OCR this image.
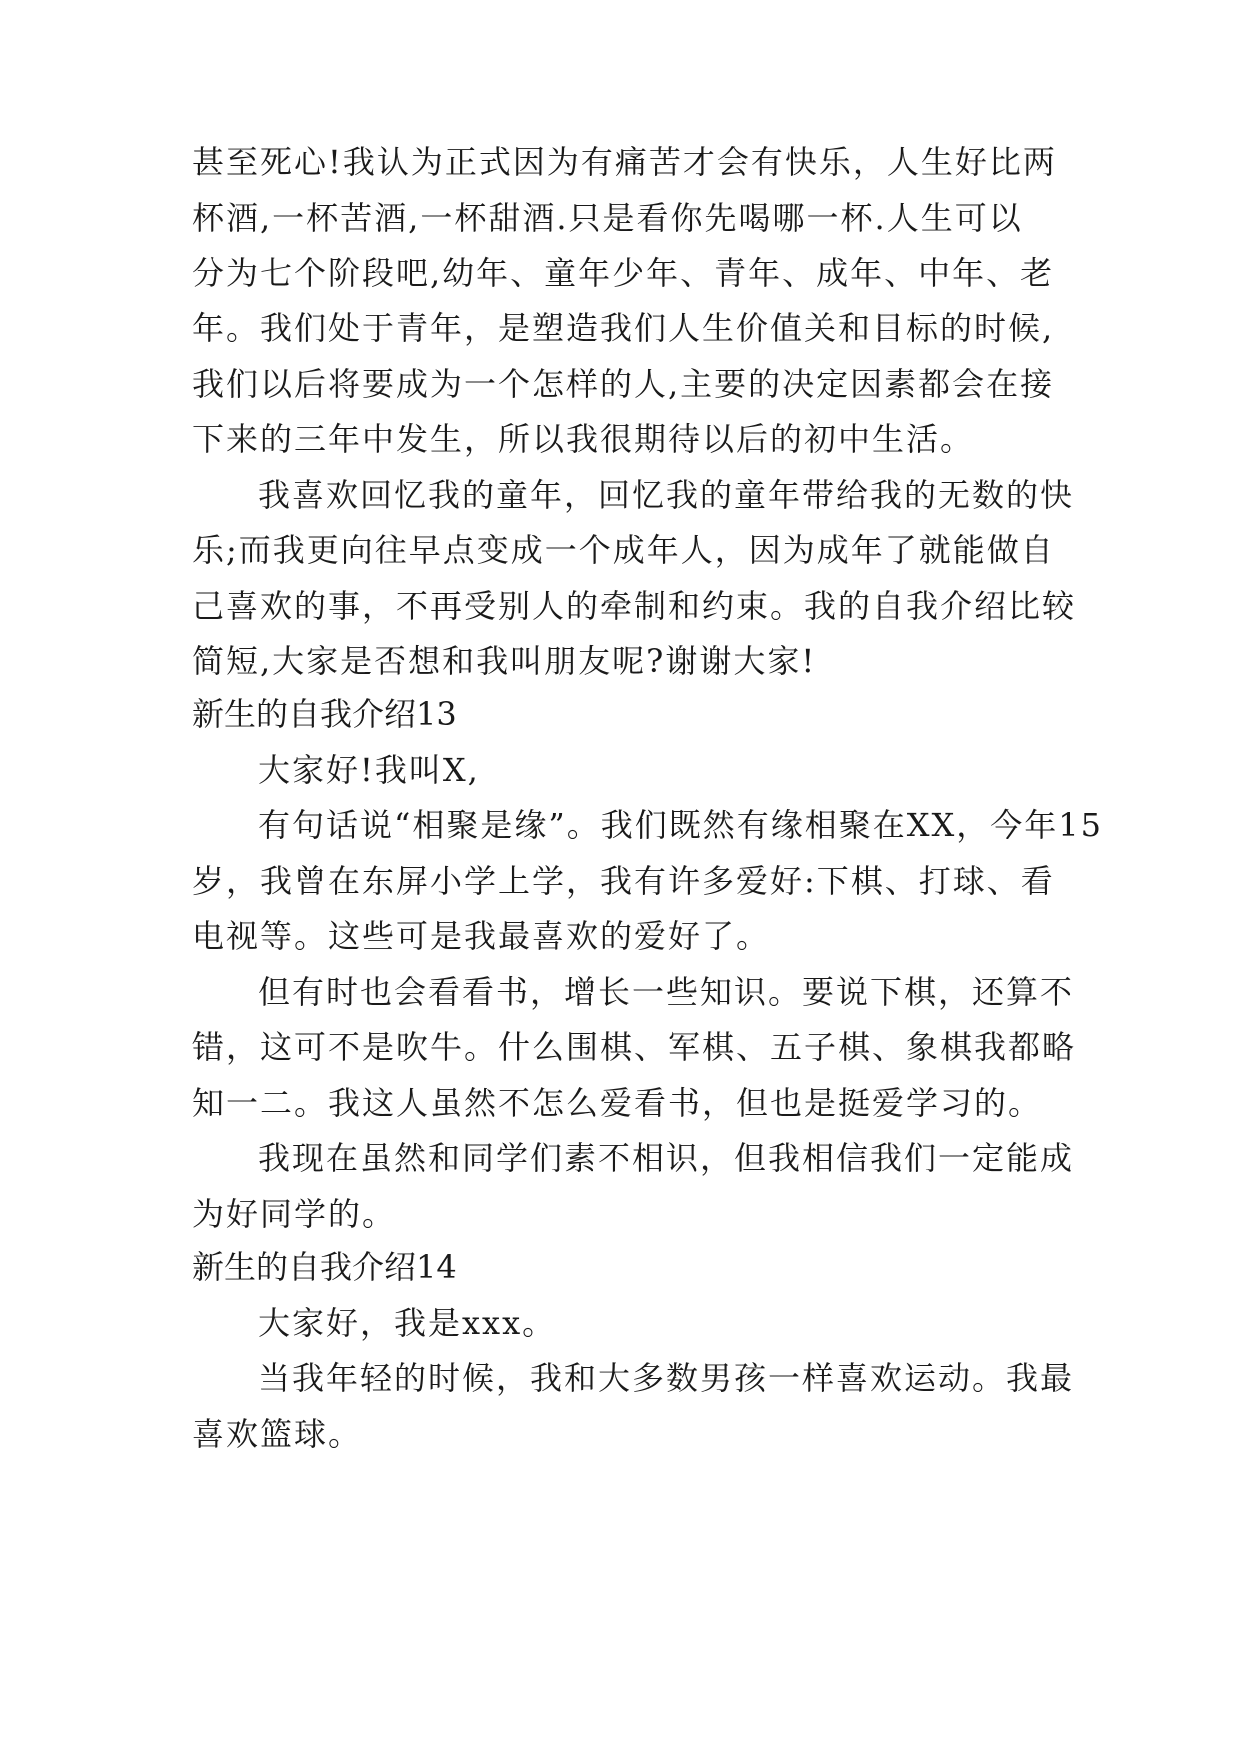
甚至死心!我认为正式因为有痛苦才会有快乐，人生好比两
杯酒,一杯苦酒,一杯甜酒.只是看你先喝哪一杯.人生可以
分为七个阶段吧,幼年、童年少年、青年、成年、中年、老
年。我们处于青年，是塑造我们人生价值关和目标的时候,
我们以后将要成为一个怎样的人,主要的决定因素都会在接
下来的三年中发生，所以我很期待以后的初中生活。
我喜欢回忆我的童年，回忆我的童年带给我的无数的快
乐;而我更向往早点变成一个成年人，因为成年了就能做自
己喜欢的事，不再受别人的牵制和约束。我的自我介绍比较
简短,大家是否想和我叫朋友呢?谢谢大家!
新生的自我介绍13
大家好!我叫X,
有句话说“相聚是缘”。我们既然有缘相聚在XX，今年15
岁，我曾在东屏小学上学，我有许多爱好:下棋、打球、看
电视等。这些可是我最喜欢的爱好了。
但有时也会看看书，增长一些知识。要说下棋，还算不
错，这可不是吹牛。什么围棋、军棋、五子棋、象棋我都略
知一二。我这人虽然不怎么爱看书，但也是挺爱学习的。
我现在虽然和同学们素不相识，但我相信我们一定能成
为好同学的。
新生的自我介绍14
大家好，我是xxx。
当我年轻的时候，我和大多数男孩一样喜欢运动。我最
喜欢篮球。
